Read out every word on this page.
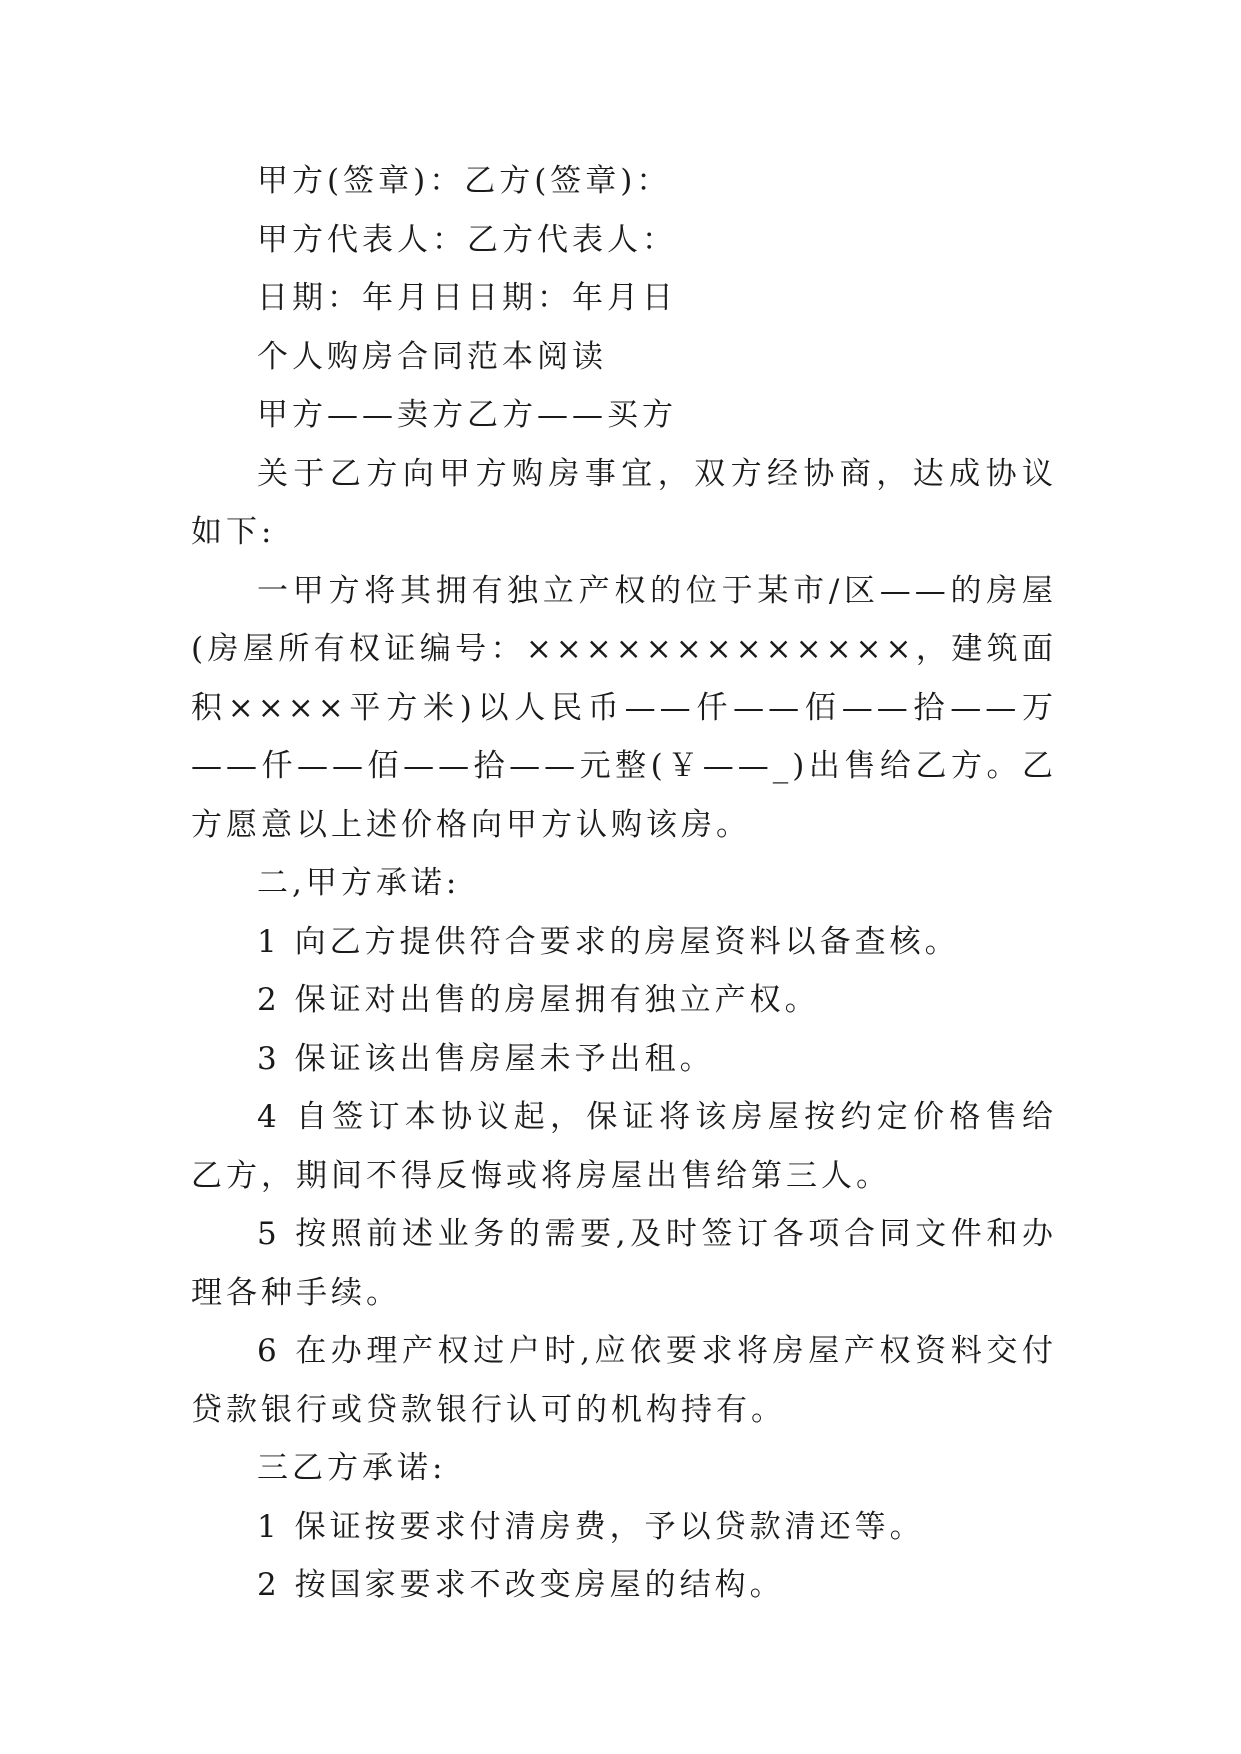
甲方(签章)：乙方(签章)：

甲方代表人：乙方代表人：

日期：年月日日期：年月日

个人购房合同范本阅读

甲方——卖方乙方——买方

关于乙方向甲方购房事宜，双方经协商，达成协议如下:

一甲方将其拥有独立产权的位于某市/区——的房屋(房屋所有权证编号：×××××××××××××，建筑面积××××平方米)以人民币——仟——佰——拾——万——仟——佰——拾——元整(￥——_)出售给乙方。乙方愿意以上述价格向甲方认购该房。

二,甲方承诺:

1 向乙方提供符合要求的房屋资料以备查核。

2 保证对出售的房屋拥有独立产权。

3 保证该出售房屋未予出租。

4 自签订本协议起，保证将该房屋按约定价格售给乙方，期间不得反悔或将房屋出售给第三人。

5 按照前述业务的需要,及时签订各项合同文件和办理各种手续。

6 在办理产权过户时,应依要求将房屋产权资料交付贷款银行或贷款银行认可的机构持有。

三乙方承诺:

1 保证按要求付清房费，予以贷款清还等。

2 按国家要求不改变房屋的结构。
